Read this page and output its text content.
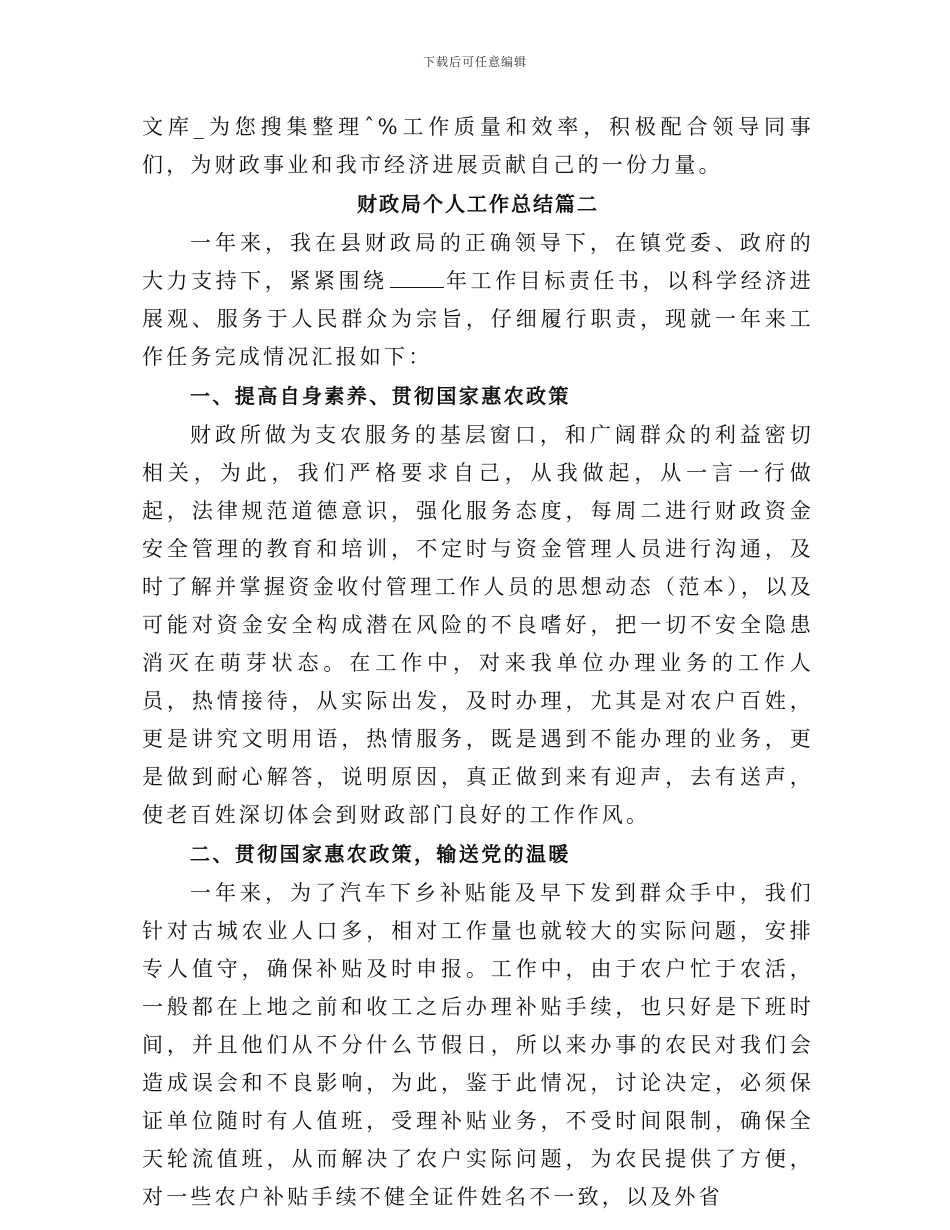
下载后可任意编辑

文库_为您搜集整理ˆ%工作质量和效率，积极配合领导同事们，为财政事业和我市经济进展贡献自己的一份力量。

财政局个人工作总结篇二

一年来，我在县财政局的正确领导下，在镇党委、政府的大力支持下，紧紧围绕	年工作目标责任书，以科学经济进展观、服务于人民群众为宗旨，仔细履行职责，现就一年来工作任务完成情况汇报如下：

一、提高自身素养、贯彻国家惠农政策

财政所做为支农服务的基层窗口，和广阔群众的利益密切相关，为此，我们严格要求自己，从我做起，从一言一行做起，法律规范道德意识，强化服务态度，每周二进行财政资金安全管理的教育和培训，不定时与资金管理人员进行沟通，及时了解并掌握资金收付管理工作人员的思想动态（范本），以及可能对资金安全构成潜在风险的不良嗜好，把一切不安全隐患消灭在萌芽状态。在工作中，对来我单位办理业务的工作人员，热情接待，从实际出发，及时办理，尤其是对农户百姓，更是讲究文明用语，热情服务，既是遇到不能办理的业务，更是做到耐心解答，说明原因，真正做到来有迎声，去有送声，使老百姓深切体会到财政部门良好的工作作风。

二、贯彻国家惠农政策，输送党的温暖

一年来，为了汽车下乡补贴能及早下发到群众手中，我们针对古城农业人口多，相对工作量也就较大的实际问题，安排专人值守，确保补贴及时申报。工作中，由于农户忙于农活，一般都在上地之前和收工之后办理补贴手续，也只好是下班时间，并且他们从不分什么节假日，所以来办事的农民对我们会造成误会和不良影响，为此，鉴于此情况，讨论决定，必须保证单位随时有人值班，受理补贴业务，不受时间限制，确保全天轮流值班，从而解决了农户实际问题，为农民提供了方便，对一些农户补贴手续不健全证件姓名不一致，以及外省
